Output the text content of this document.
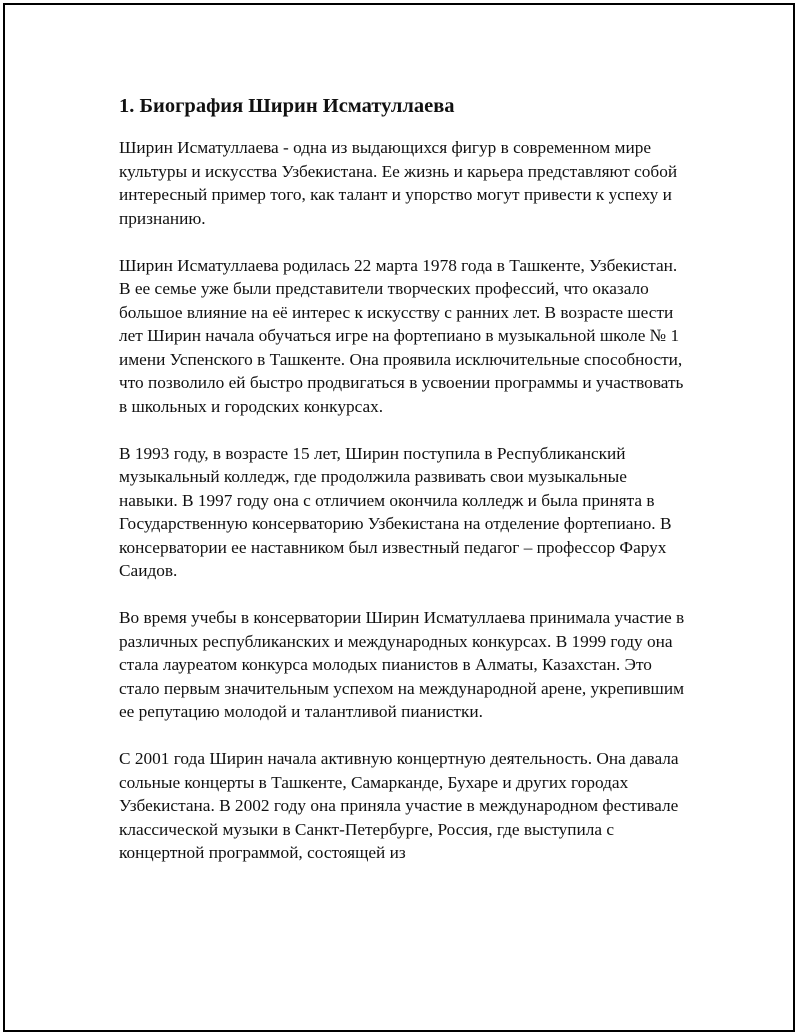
1. Биография Ширин Исматуллаева

Ширин Исматуллаева - одна из выдающихся фигур в современном мире культуры и искусства Узбекистана. Ее жизнь и карьера представляют собой интересный пример того, как талант и упорство могут привести к успеху и признанию.

Ширин Исматуллаева родилась 22 марта 1978 года в Ташкенте, Узбекистан. В ее семье уже были представители творческих профессий, что оказало большое влияние на её интерес к искусству с ранних лет. В возрасте шести лет Ширин начала обучаться игре на фортепиано в музыкальной школе № 1 имени Успенского в Ташкенте. Она проявила исключительные способности, что позволило ей быстро продвигаться в усвоении программы и участвовать в школьных и городских конкурсах.

В 1993 году, в возрасте 15 лет, Ширин поступила в Республиканский музыкальный колледж, где продолжила развивать свои музыкальные навыки. В 1997 году она с отличием окончила колледж и была принята в Государственную консерваторию Узбекистана на отделение фортепиано. В консерватории ее наставником был известный педагог – профессор Фарух Саидов.

Во время учебы в консерватории Ширин Исматуллаева принимала участие в различных республиканских и международных конкурсах. В 1999 году она стала лауреатом конкурса молодых пианистов в Алматы, Казахстан. Это стало первым значительным успехом на международной арене, укрепившим ее репутацию молодой и талантливой пианистки.

С 2001 года Ширин начала активную концертную деятельность. Она давала сольные концерты в Ташкенте, Самарканде, Бухаре и других городах Узбекистана. В 2002 году она приняла участие в международном фестивале классической музыки в Санкт-Петербурге, Россия, где выступила с концертной программой, состоящей из
